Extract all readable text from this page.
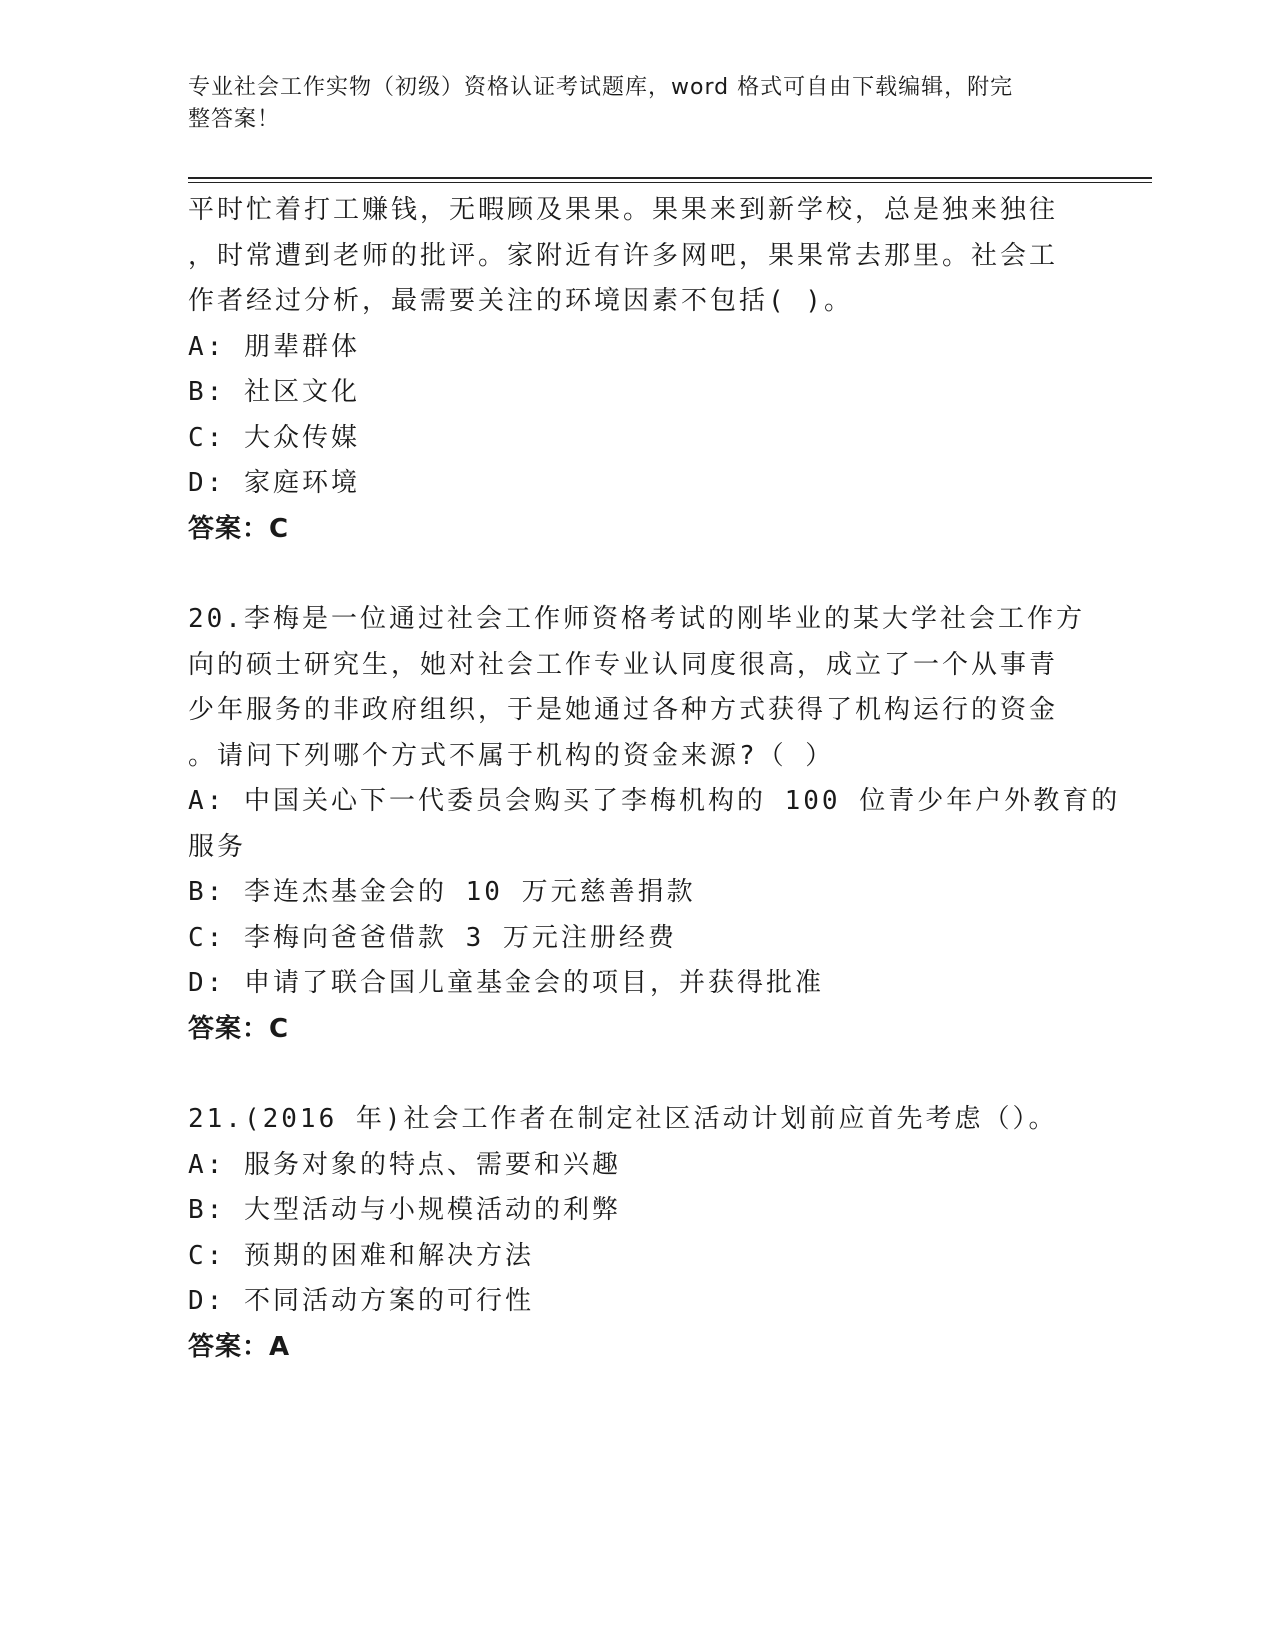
专业社会工作实物（初级）资格认证考试题库，word 格式可自由下载编辑，附完
整答案！
平时忙着打工赚钱，无暇顾及果果。果果来到新学校，总是独来独往
，时常遭到老师的批评。家附近有许多网吧，果果常去那里。社会工
作者经过分析，最需要关注的环境因素不包括( )。
A: 朋辈群体
B: 社区文化
C: 大众传媒
D: 家庭环境
答案：C
20.李梅是一位通过社会工作师资格考试的刚毕业的某大学社会工作方
向的硕士研究生，她对社会工作专业认同度很高，成立了一个从事青
少年服务的非政府组织，于是她通过各种方式获得了机构运行的资金
。请问下列哪个方式不属于机构的资金来源?（ ）
A: 中国关心下一代委员会购买了李梅机构的 100 位青少年户外教育的
服务
B: 李连杰基金会的 10 万元慈善捐款
C: 李梅向爸爸借款 3 万元注册经费
D: 申请了联合国儿童基金会的项目，并获得批准
答案：C
21.(2016 年)社会工作者在制定社区活动计划前应首先考虑（）。
A: 服务对象的特点、需要和兴趣
B: 大型活动与小规模活动的利弊
C: 预期的困难和解决方法
D: 不同活动方案的可行性
答案：A
